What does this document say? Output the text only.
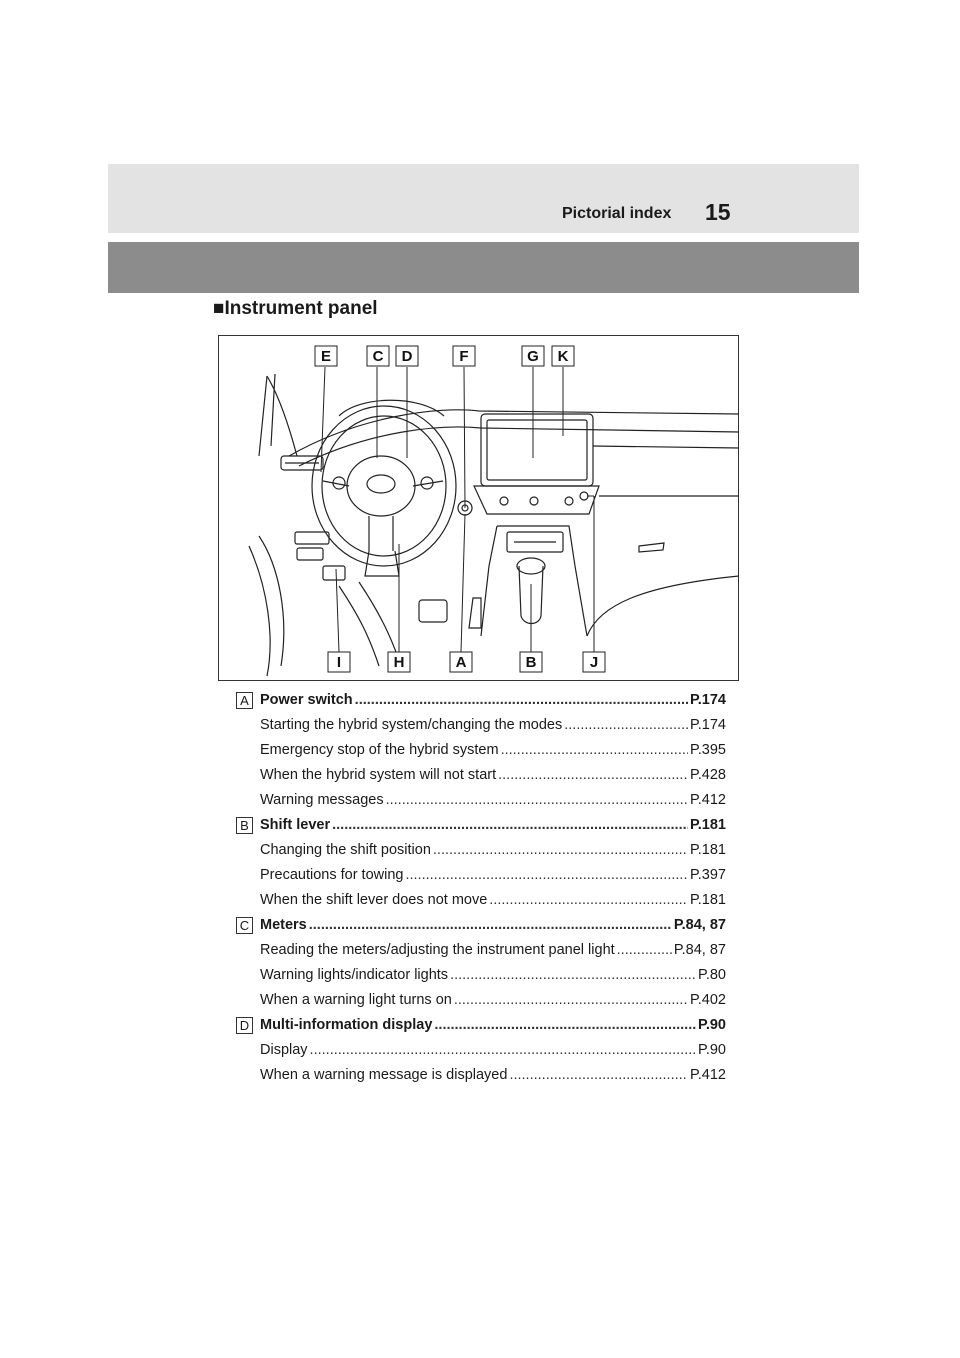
Pictorial index 15
■Instrument panel
E	C D	F	G K
I	H	A	B	J
A Power switch .....	P.174
Starting the hybrid system/changing the modes .....	P.174
Emergency stop of the hybrid system .....	P.395
When the hybrid system will not start .....	P.428
Warning messages .....	P.412
B Shift lever .....	P.181
Changing the shift position .....	P.181
Precautions for towing .....	P.397
When the shift lever does not move .....	P.181
C Meters .....	P.84, 87
Reading the meters/adjusting the instrument panel light .....	P.84, 87
Warning lights/indicator lights .....	P.80
When a warning light turns on .....	P.402
D Multi-information display .....	P.90
Display .....	P.90
When a warning message is displayed .....	P.412
